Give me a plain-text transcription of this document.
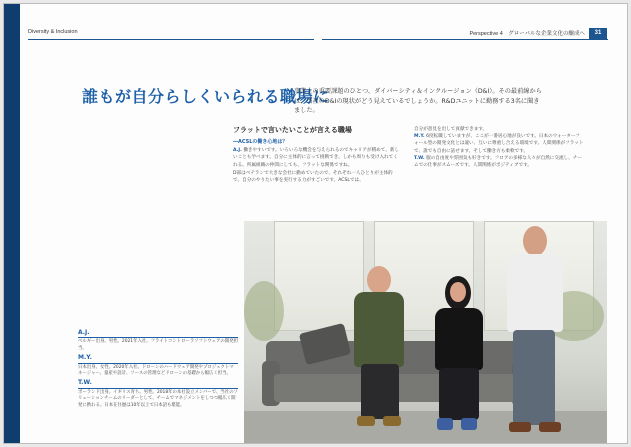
Diversity & Inclusion	Perspective 4　グローバルな企業文化の醸成へ	31
誰もが自分らしくいられる職場に
事業上の重要課題のひとつ、ダイバーシティ＆インクルージョン（D&I）。その最前線からは、当社のD&Iの現状がどう見えているでしょうか。R&Dユニットに勤務する3名に聞きました。
フラットで言いたいことが言える職場
―ACSLの働き心地は？

A.J. 働きやすいです。いろいろな機会を与えられるのでキャリアが積めて、新しいことも学べます。自分に主体的に言って挑戦でき、しかも周りも受け入れてくれる。所属組織の仲間にしても、フラットな関係ですね。

D部はベテランで大きな会社に勤めていたので、それぞれ一人ひとりが主体的で、自分のやりたい事を実行する力がすごいです。ACSLでは、

自分が意見を出して貢献できます。

M.Y. 6度転職していますが、ここが一番居心地が良いです。日本のウォーターフォール型の開発文化とは違い、互いに尊重し合える環境です。人間関係がフラットで、誰でも自由に話せます。そして働き方も柔軟です。

T.W. 服の自由度や雰囲気も好きです。フロアの多様な人々が自然に交流し、チームでの仕事がスムーズです。人間関係がポジティブです。

A.J.
ベルギー出身。男性。2021年入社。フライトコントローラソフトウェアの開発担当。
M.Y.
日本出身。女性。2020年入社。ドローンのハードウェア開発やプロジェクトマネージャー。量産や設計、ソースの管理などドローンの基礎から幅広く担当。
T.W.
ポーランド出身。イギリス育ち。男性。2018年の本社設立メンバーで、当社のソリューションチームのリーダーとして、チームでマネジメントをしつつ幅広く開発に携わる。日本在住歴は10年以上で日本語も堪能。
